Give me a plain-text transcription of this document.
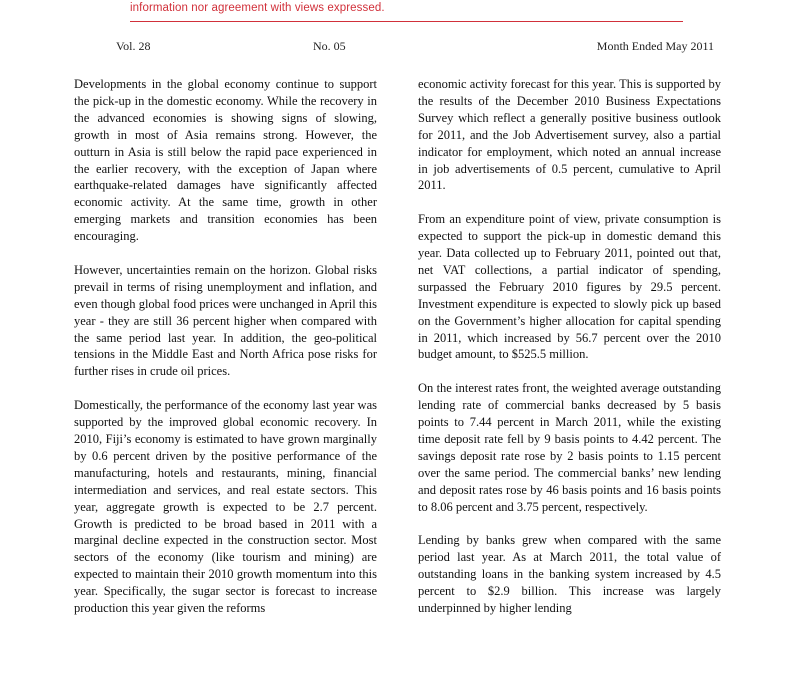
information nor agreement with views expressed.
Vol. 28	No. 05	Month Ended May 2011

Developments in the global economy continue to support the pick-up in the domestic economy. While the recovery in the advanced economies is showing signs of slowing, growth in most of Asia remains strong. However, the outturn in Asia is still below the rapid pace experienced in the earlier recovery, with the exception of Japan where earthquake-related damages have significantly affected economic activity. At the same time, growth in other emerging markets and transition economies has been encouraging.

However, uncertainties remain on the horizon. Global risks prevail in terms of rising unemployment and inflation, and even though global food prices were unchanged in April this year - they are still 36 percent higher when compared with the same period last year. In addition, the geo-political tensions in the Middle East and North Africa pose risks for further rises in crude oil prices.

Domestically, the performance of the economy last year was supported by the improved global economic recovery. In 2010, Fiji’s economy is estimated to have grown marginally by 0.6 percent driven by the positive performance of the manufacturing, hotels and restaurants, mining, financial intermediation and services, and real estate sectors. This year, aggregate growth is expected to be 2.7 percent. Growth is predicted to be broad based in 2011 with a marginal decline expected in the construction sector. Most sectors of the economy (like tourism and mining) are expected to maintain their 2010 growth momentum into this year. Specifically, the sugar sector is forecast to increase production this year given the reforms

economic activity forecast for this year. This is supported by the results of the December 2010 Business Expectations Survey which reflect a generally positive business outlook for 2011, and the Job Advertisement survey, also a partial indicator for employment, which noted an annual increase in job advertisements of 0.5 percent, cumulative to April 2011.

From an expenditure point of view, private consumption is expected to support the pick-up in domestic demand this year. Data collected up to February 2011, pointed out that, net VAT collections, a partial indicator of spending, surpassed the February 2010 figures by 29.5 percent. Investment expenditure is expected to slowly pick up based on the Government’s higher allocation for capital spending in 2011, which increased by 56.7 percent over the 2010 budget amount, to $525.5 million.

On the interest rates front, the weighted average outstanding lending rate of commercial banks decreased by 5 basis points to 7.44 percent in March 2011, while the existing time deposit rate fell by 9 basis points to 4.42 percent. The savings deposit rate rose by 2 basis points to 1.15 percent over the same period. The commercial banks’ new lending and deposit rates rose by 46 basis points and 16 basis points to 8.06 percent and 3.75 percent, respectively.

Lending by banks grew when compared with the same period last year. As at March 2011, the total value of outstanding loans in the banking system increased by 4.5 percent to $2.9 billion. This increase was largely underpinned by higher lending
